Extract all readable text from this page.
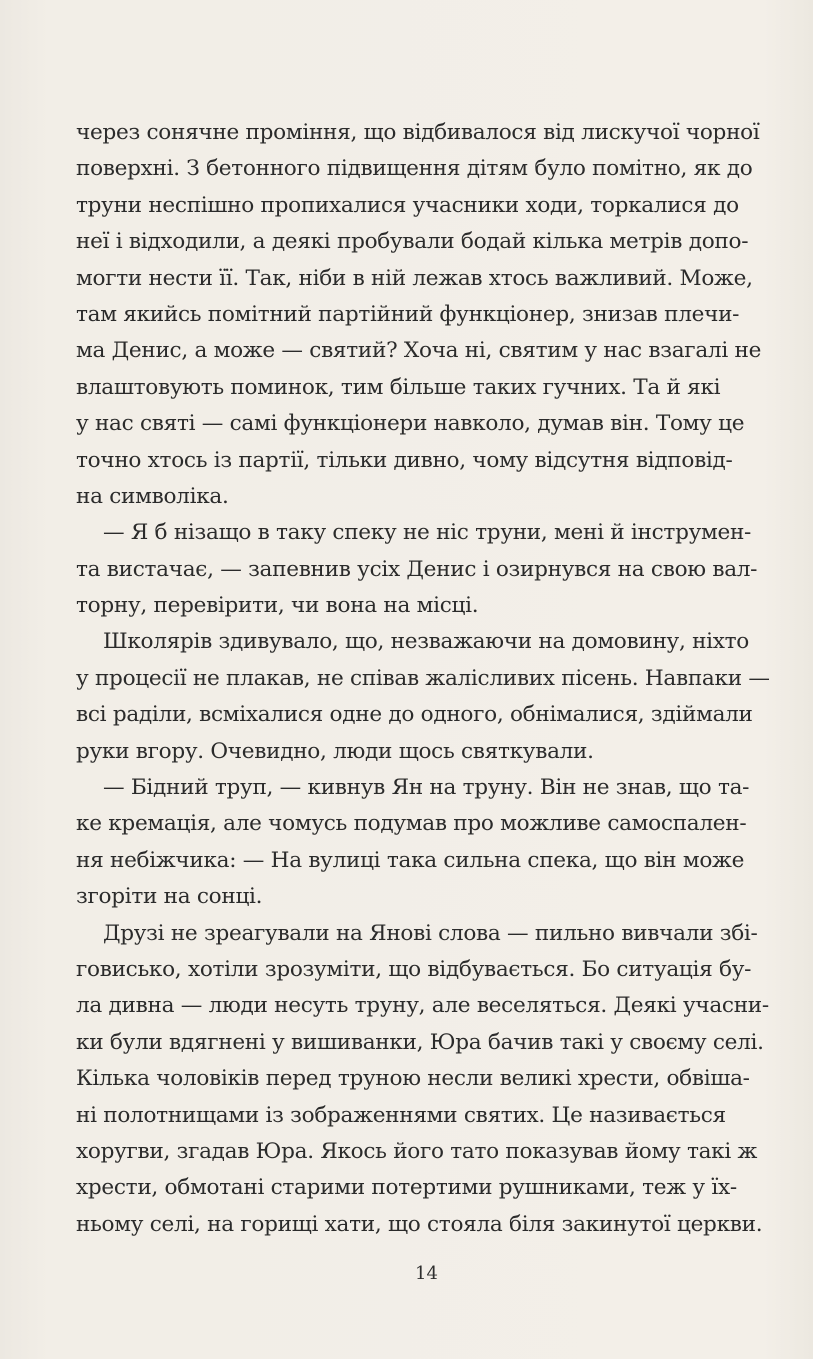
через сонячне проміння, що відбивалося від лискучої чорної
поверхні. З бетонного підвищення дітям було помітно, як до
труни неспішно пропихалися учасники ходи, торкалися до
неї і відходили, а деякі пробували бодай кілька метрів допо-
могти нести її. Так, ніби в ній лежав хтось важливий. Може,
там якийсь помітний партійний функціонер, знизав плечи-
ма Денис, а може — святий? Хоча ні, святим у нас взагалі не
влаштовують поминок, тим більше таких гучних. Та й які
у нас святі — самі функціонери навколо, думав він. Тому це
точно хтось із партії, тільки дивно, чому відсутня відповід-
на символіка.
— Я б нізащо в таку спеку не ніс труни, мені й інструмен-
та вистачає, — запевнив усіх Денис і озирнувся на свою вал-
торну, перевірити, чи вона на місці.
Школярів здивувало, що, незважаючи на домовину, ніхто
у процесії не плакав, не співав жалісливих пісень. Навпаки —
всі раділи, всміхалися одне до одного, обнімалися, здіймали
руки вгору. Очевидно, люди щось святкували.
— Бідний труп, — кивнув Ян на труну. Він не знав, що та-
ке кремація, але чомусь подумав про можливе самоспален-
ня небіжчика: — На вулиці така сильна спека, що він може
згоріти на сонці.
Друзі не зреагували на Янові слова — пильно вивчали збі-
говисько, хотіли зрозуміти, що відбувається. Бо ситуація бу-
ла дивна — люди несуть труну, але веселяться. Деякі учасни-
ки були вдягнені у вишиванки, Юра бачив такі у своєму селі.
Кілька чоловіків перед труною несли великі хрести, обвіша-
ні полотнищами із зображеннями святих. Це називається
хоругви, згадав Юра. Якось його тато показував йому такі ж
хрести, обмотані старими потертими рушниками, теж у їх-
ньому селі, на горищі хати, що стояла біля закинутої церкви.
14
